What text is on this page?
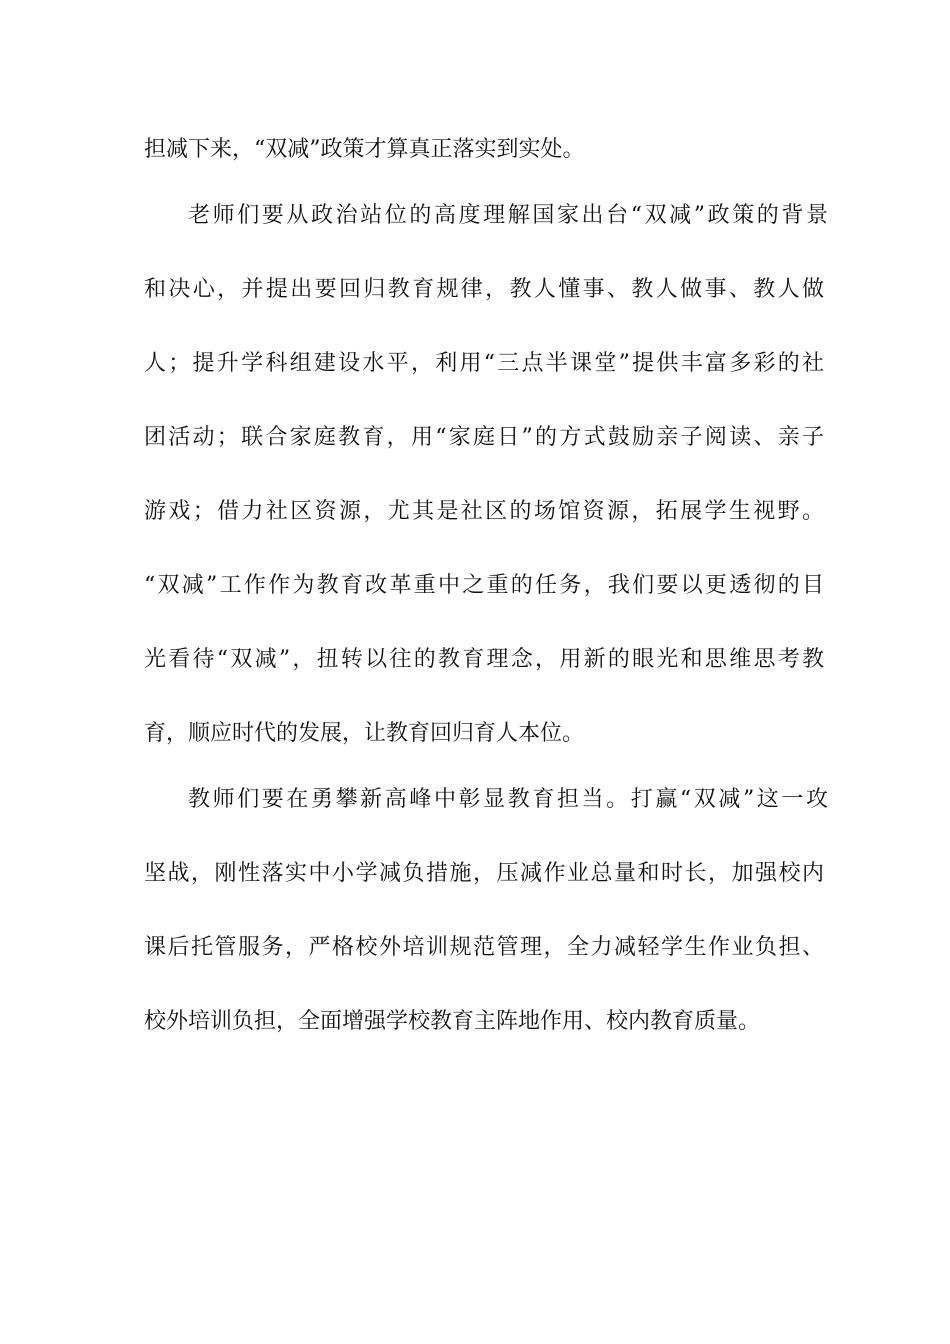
担减下来，“双减”政策才算真正落实到实处。
老师们要从政治站位的高度理解国家出台“双减”政策的背景
和决心，并提出要回归教育规律，教人懂事、教人做事、教人做
人；提升学科组建设水平，利用“三点半课堂”提供丰富多彩的社
团活动；联合家庭教育，用“家庭日”的方式鼓励亲子阅读、亲子
游戏；借力社区资源，尤其是社区的场馆资源，拓展学生视野。
“双减”工作作为教育改革重中之重的任务，我们要以更透彻的目
光看待“双减”，扭转以往的教育理念，用新的眼光和思维思考教
育，顺应时代的发展，让教育回归育人本位。
教师们要在勇攀新高峰中彰显教育担当。打赢“双减”这一攻
坚战，刚性落实中小学减负措施，压减作业总量和时长，加强校内
课后托管服务，严格校外培训规范管理，全力减轻学生作业负担、
校外培训负担，全面增强学校教育主阵地作用、校内教育质量。
